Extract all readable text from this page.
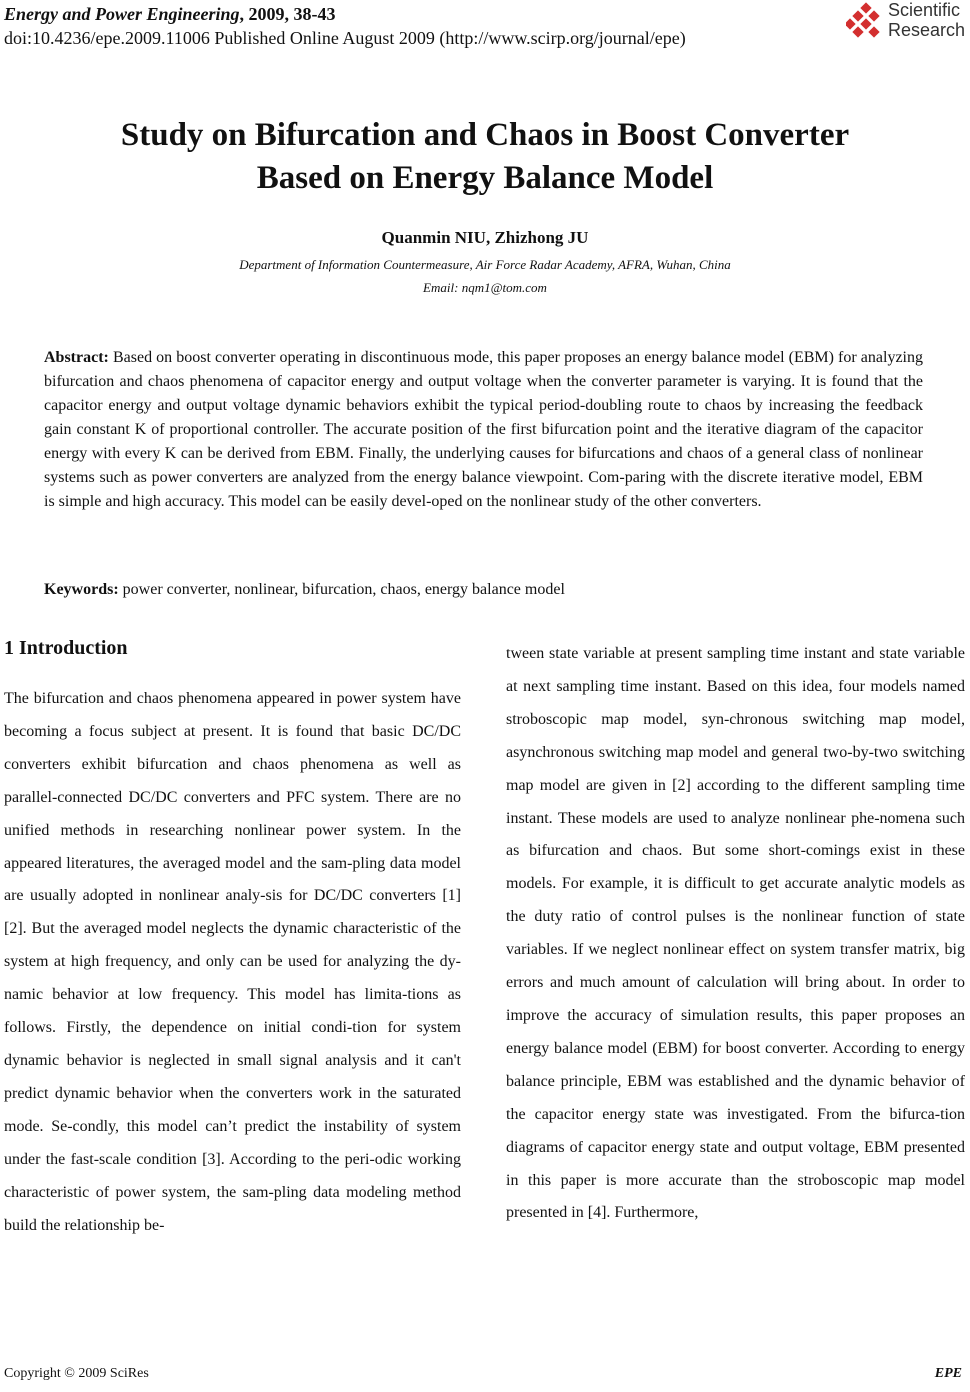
Energy and Power Engineering, 2009, 38-43
doi:10.4236/epe.2009.11006 Published Online August 2009 (http://www.scirp.org/journal/epe)
Scientific
Research
Study on Bifurcation and Chaos in Boost Converter
Based on Energy Balance Model
Quanmin NIU, Zhizhong JU
Department of Information Countermeasure, Air Force Radar Academy, AFRA, Wuhan, China
Email: nqm1@tom.com
Abstract: Based on boost converter operating in discontinuous mode, this paper proposes an energy balance model (EBM) for analyzing bifurcation and chaos phenomena of capacitor energy and output voltage when the converter parameter is varying. It is found that the capacitor energy and output voltage dynamic behaviors exhibit the typical period-doubling route to chaos by increasing the feedback gain constant K of proportional controller. The accurate position of the first bifurcation point and the iterative diagram of the capacitor energy with every K can be derived from EBM. Finally, the underlying causes for bifurcations and chaos of a general class of nonlinear systems such as power converters are analyzed from the energy balance viewpoint. Com-paring with the discrete iterative model, EBM is simple and high accuracy. This model can be easily devel-oped on the nonlinear study of the other converters.
Keywords: power converter, nonlinear, bifurcation, chaos, energy balance model
1 Introduction
The bifurcation and chaos phenomena appeared in power system have becoming a focus subject at present. It is found that basic DC/DC converters exhibit bifurcation and chaos phenomena as well as parallel-connected DC/DC converters and PFC system. There are no unified methods in researching nonlinear power system. In the appeared literatures, the averaged model and the sam-pling data model are usually adopted in nonlinear analy-sis for DC/DC converters [1][2]. But the averaged model neglects the dynamic characteristic of the system at high frequency, and only can be used for analyzing the dy-namic behavior at low frequency. This model has limita-tions as follows. Firstly, the dependence on initial condi-tion for system dynamic behavior is neglected in small signal analysis and it can't predict dynamic behavior when the converters work in the saturated mode. Se-condly, this model can’t predict the instability of system under the fast-scale condition [3]. According to the peri-odic working characteristic of power system, the sam-pling data modeling method build the relationship be-
tween state variable at present sampling time instant and state variable at next sampling time instant. Based on this idea, four models named stroboscopic map model, syn-chronous switching map model, asynchronous switching map model and general two-by-two switching map model are given in [2] according to the different sampling time instant. These models are used to analyze nonlinear phe-nomena such as bifurcation and chaos. But some short-comings exist in these models. For example, it is difficult to get accurate analytic models as the duty ratio of control pulses is the nonlinear function of state variables. If we neglect nonlinear effect on system transfer matrix, big errors and much amount of calculation will bring about. In order to improve the accuracy of simulation results, this paper proposes an energy balance model (EBM) for boost converter. According to energy balance principle, EBM was established and the dynamic behavior of the capacitor energy state was investigated. From the bifurca-tion diagrams of capacitor energy state and output voltage, EBM presented in this paper is more accurate than the stroboscopic map model presented in [4]. Furthermore,
Copyright © 2009 SciRes	EPE
